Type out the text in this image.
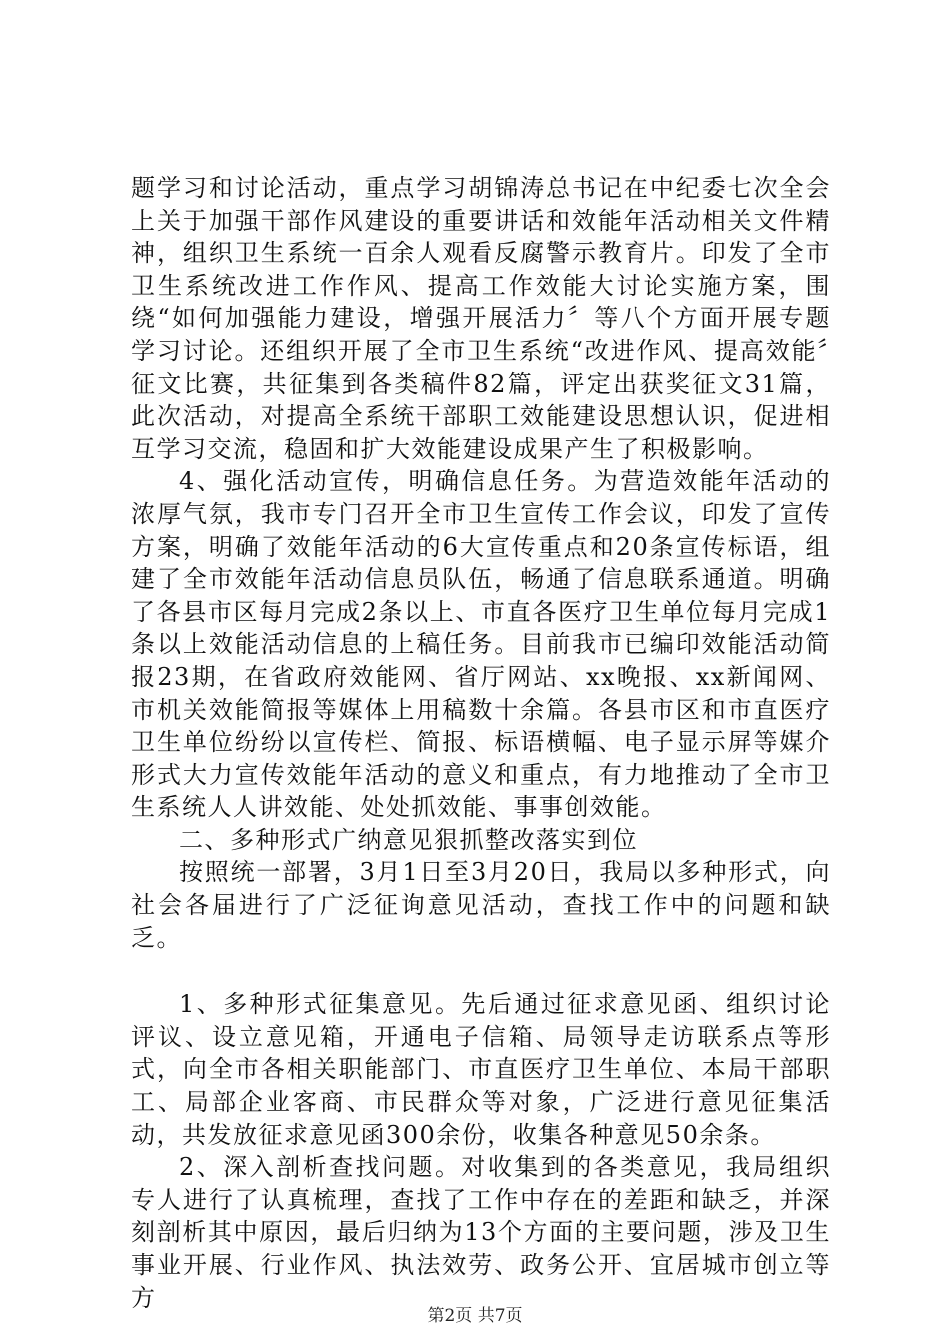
题学习和讨论活动，重点学习胡锦涛总书记在中纪委七次全会上关于加强干部作风建设的重要讲话和效能年活动相关文件精神，组织卫生系统一百余人观看反腐警示教育片。印发了全市卫生系统改进工作作风、提高工作效能大讨论实施方案，围绕“如何加强能力建设，增强开展活力〞等八个方面开展专题学习讨论。还组织开展了全市卫生系统“改进作风、提高效能〞征文比赛，共征集到各类稿件82篇，评定出获奖征文31篇，此次活动，对提高全系统干部职工效能建设思想认识，促进相互学习交流，稳固和扩大效能建设成果产生了积极影响。

4、强化活动宣传，明确信息任务。为营造效能年活动的浓厚气氛，我市专门召开全市卫生宣传工作会议，印发了宣传方案，明确了效能年活动的6大宣传重点和20条宣传标语，组建了全市效能年活动信息员队伍，畅通了信息联系通道。明确了各县市区每月完成2条以上、市直各医疗卫生单位每月完成1条以上效能活动信息的上稿任务。目前我市已编印效能活动简报23期，在省政府效能网、省厅网站、xx晚报、xx新闻网、市机关效能简报等媒体上用稿数十余篇。各县市区和市直医疗卫生单位纷纷以宣传栏、简报、标语横幅、电子显示屏等媒介形式大力宣传效能年活动的意义和重点，有力地推动了全市卫生系统人人讲效能、处处抓效能、事事创效能。

二、多种形式广纳意见狠抓整改落实到位

按照统一部署，3月1日至3月20日，我局以多种形式，向社会各届进行了广泛征询意见活动，查找工作中的问题和缺乏。

1、多种形式征集意见。先后通过征求意见函、组织讨论评议、设立意见箱，开通电子信箱、局领导走访联系点等形式，向全市各相关职能部门、市直医疗卫生单位、本局干部职工、局部企业客商、市民群众等对象，广泛进行意见征集活动，共发放征求意见函300余份，收集各种意见50余条。

2、深入剖析查找问题。对收集到的各类意见，我局组织专人进行了认真梳理，查找了工作中存在的差距和缺乏，并深刻剖析其中原因，最后归纳为13个方面的主要问题，涉及卫生事业开展、行业作风、执法效劳、政务公开、宜居城市创立等方

第2页 共7页
